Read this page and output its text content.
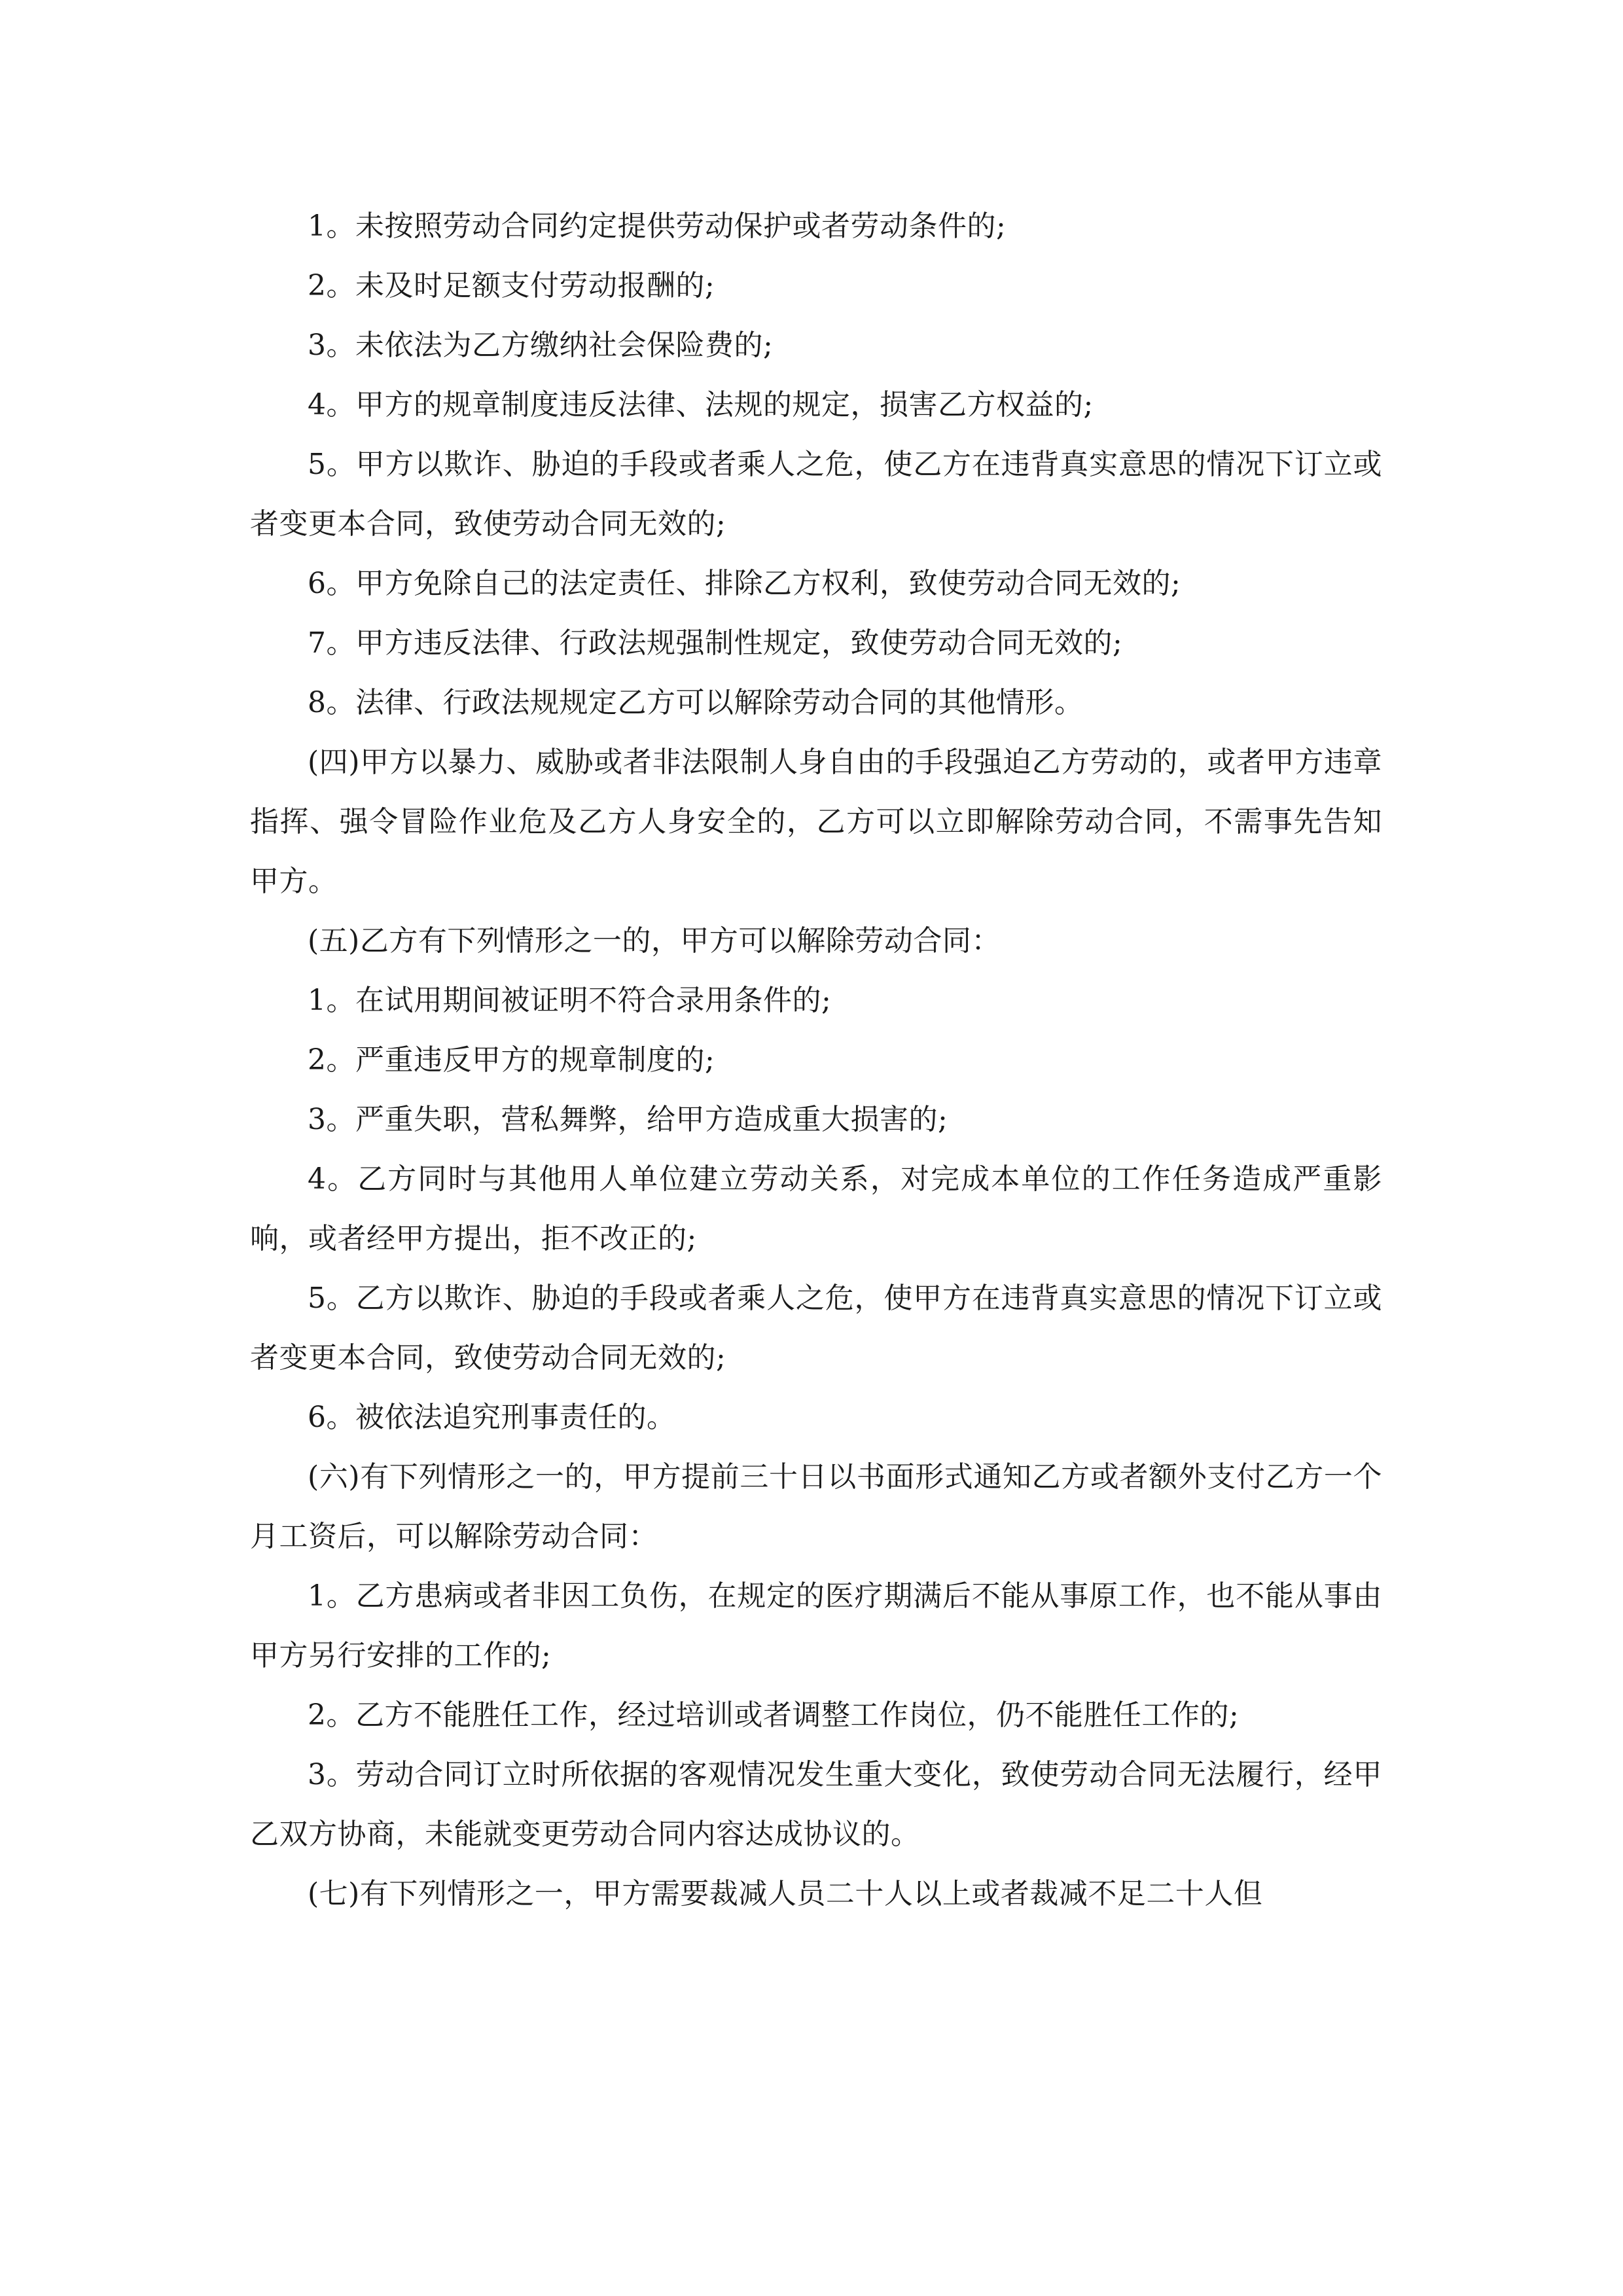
1。未按照劳动合同约定提供劳动保护或者劳动条件的;

2。未及时足额支付劳动报酬的;

3。未依法为乙方缴纳社会保险费的;

4。甲方的规章制度违反法律、法规的规定，损害乙方权益的;

5。甲方以欺诈、胁迫的手段或者乘人之危，使乙方在违背真实意思的情况下订立或者变更本合同，致使劳动合同无效的;

6。甲方免除自己的法定责任、排除乙方权利，致使劳动合同无效的;

7。甲方违反法律、行政法规强制性规定，致使劳动合同无效的;

8。法律、行政法规规定乙方可以解除劳动合同的其他情形。

(四)甲方以暴力、威胁或者非法限制人身自由的手段强迫乙方劳动的，或者甲方违章指挥、强令冒险作业危及乙方人身安全的，乙方可以立即解除劳动合同，不需事先告知甲方。

(五)乙方有下列情形之一的，甲方可以解除劳动合同：

1。在试用期间被证明不符合录用条件的;

2。严重违反甲方的规章制度的;

3。严重失职，营私舞弊，给甲方造成重大损害的;

4。乙方同时与其他用人单位建立劳动关系，对完成本单位的工作任务造成严重影响，或者经甲方提出，拒不改正的;

5。乙方以欺诈、胁迫的手段或者乘人之危，使甲方在违背真实意思的情况下订立或者变更本合同，致使劳动合同无效的;

6。被依法追究刑事责任的。

(六)有下列情形之一的，甲方提前三十日以书面形式通知乙方或者额外支付乙方一个月工资后，可以解除劳动合同：

1。乙方患病或者非因工负伤，在规定的医疗期满后不能从事原工作，也不能从事由甲方另行安排的工作的;

2。乙方不能胜任工作，经过培训或者调整工作岗位，仍不能胜任工作的;

3。劳动合同订立时所依据的客观情况发生重大变化，致使劳动合同无法履行，经甲乙双方协商，未能就变更劳动合同内容达成协议的。

(七)有下列情形之一，甲方需要裁减人员二十人以上或者裁减不足二十人但
